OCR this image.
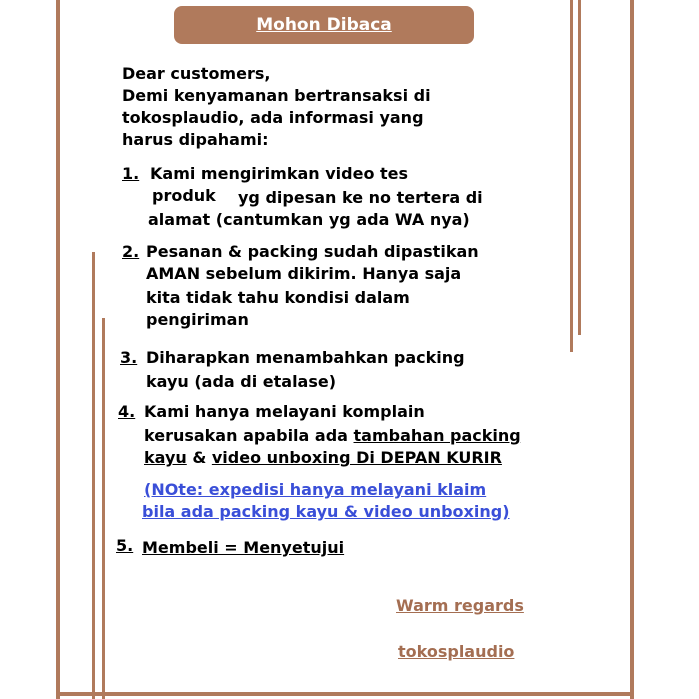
Mohon Dibaca
Dear customers,
Demi kenyamanan bertransaksi di
tokosplaudio, ada informasi yang
harus dipahami:
1. Kami mengirimkan video tes
produk yg dipesan ke no tertera di
alamat (cantumkan yg ada WA nya)
2. Pesanan & packing sudah dipastikan
AMAN sebelum dikirim. Hanya saja
kita tidak tahu kondisi dalam
pengiriman
3. Diharapkan menambahkan packing
kayu (ada di etalase)
4. Kami hanya melayani komplain
kerusakan apabila ada tambahan packing
kayu & video unboxing Di DEPAN KURIR
(NOte: expedisi hanya melayani klaim
bila ada packing kayu & video unboxing)
5. Membeli = Menyetujui
Warm regards
tokosplaudio
